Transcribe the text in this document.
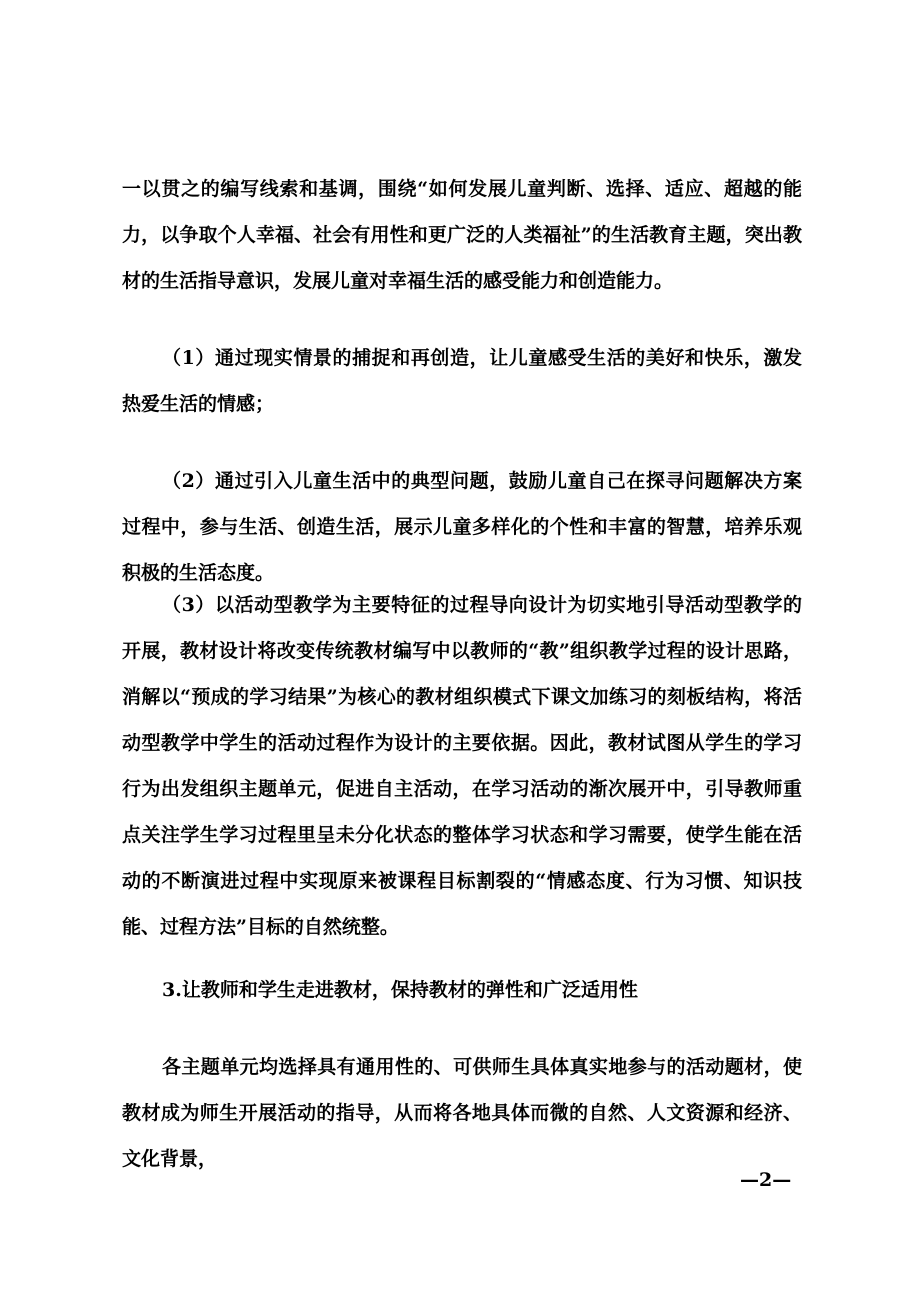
一以贯之的编写线索和基调，围绕“如何发展儿童判断、选择、适应、超越的能力，以争取个人幸福、社会有用性和更广泛的人类福祉”的生活教育主题，突出教材的生活指导意识，发展儿童对幸福生活的感受能力和创造能力。

（1）通过现实情景的捕捉和再创造，让儿童感受生活的美好和快乐，激发热爱生活的情感；

（2）通过引入儿童生活中的典型问题，鼓励儿童自己在探寻问题解决方案过程中，参与生活、创造生活，展示儿童多样化的个性和丰富的智慧，培养乐观积极的生活态度。

（3）以活动型教学为主要特征的过程导向设计为切实地引导活动型教学的开展，教材设计将改变传统教材编写中以教师的“教”组织教学过程的设计思路，消解以“预成的学习结果”为核心的教材组织模式下课文加练习的刻板结构，将活动型教学中学生的活动过程作为设计的主要依据。因此，教材试图从学生的学习行为出发组织主题单元，促进自主活动，在学习活动的渐次展开中，引导教师重点关注学生学习过程里呈未分化状态的整体学习状态和学习需要，使学生能在活动的不断演进过程中实现原来被课程目标割裂的“情感态度、行为习惯、知识技能、过程方法”目标的自然统整。

3.让教师和学生走进教材，保持教材的弹性和广泛适用性

各主题单元均选择具有通用性的、可供师生具体真实地参与的活动题材，使教材成为师生开展活动的指导，从而将各地具体而微的自然、人文资源和经济、文化背景，

—2—
